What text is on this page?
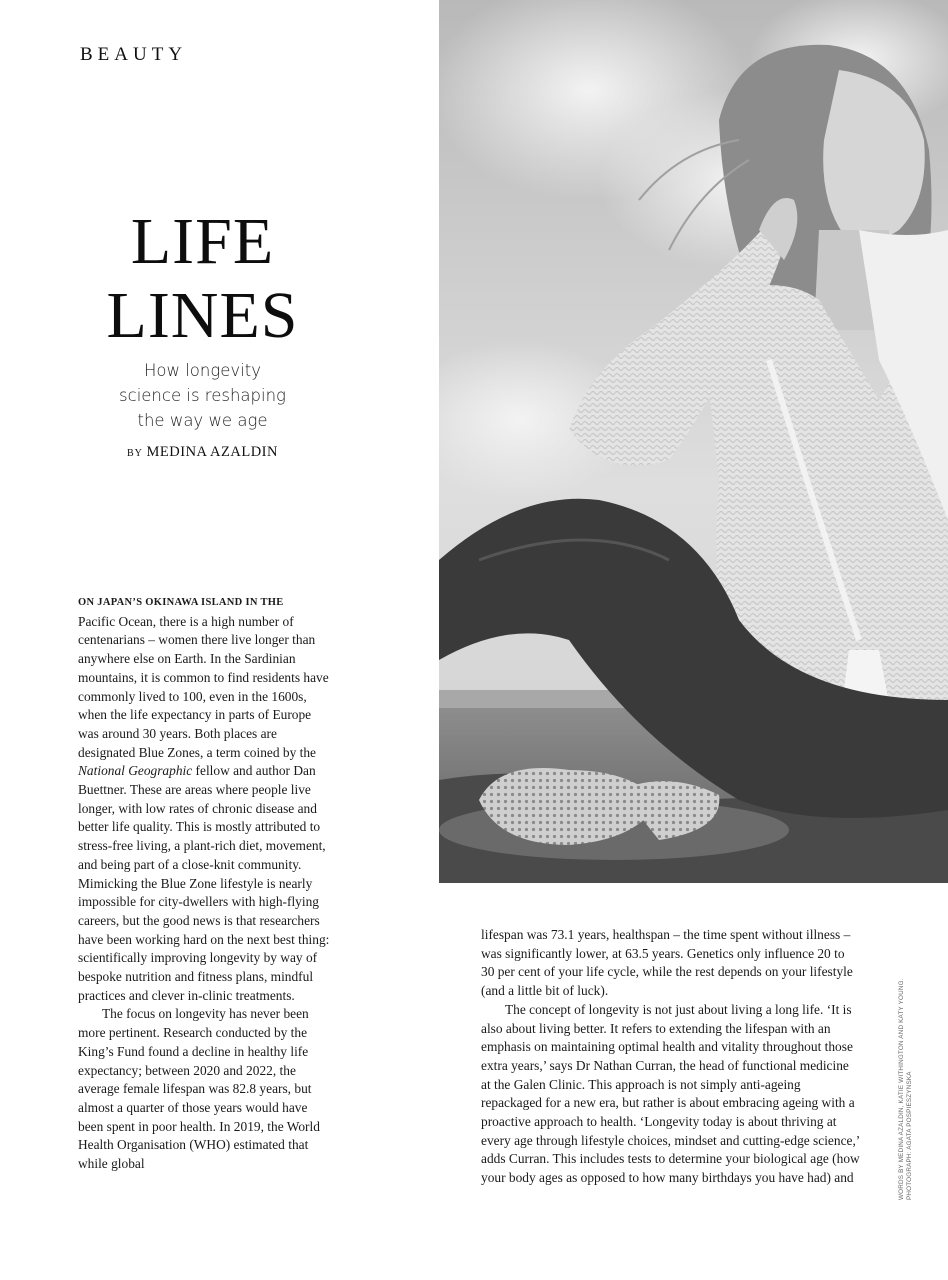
BEAUTY
LIFE
LINES
How longevity
science is reshaping
the way we age
BY MEDINA AZALDIN

ON JAPAN’S OKINAWA ISLAND IN THE
Pacific Ocean, there is a high number of centenarians – women there live longer than anywhere else on Earth. In the Sardinian mountains, it is common to find residents have commonly lived to 100, even in the 1600s, when the life expectancy in parts of Europe was around 30 years. Both places are designated Blue Zones, a term coined by the National Geographic fellow and author Dan Buettner. These are areas where people live longer, with low rates of chronic disease and better life quality. This is mostly attributed to stress-free living, a plant-rich diet, movement, and being part of a close-knit community. Mimicking the Blue Zone lifestyle is nearly impossible for city-dwellers with high-flying careers, but the good news is that researchers have been working hard on the next best thing: scientifically improving longevity by way of bespoke nutrition and fitness plans, mindful practices and clever in-clinic treatments.

The focus on longevity has never been more pertinent. Research conducted by the King’s Fund found a decline in healthy life expectancy; between 2020 and 2022, the average female lifespan was 82.8 years, but almost a quarter of those years would have been spent in poor health. In 2019, the World Health Organisation (WHO) estimated that while global

lifespan was 73.1 years, healthspan – the time spent without illness – was significantly lower, at 63.5 years. Genetics only influence 20 to 30 per cent of your life cycle, while the rest depends on your lifestyle (and a little bit of luck).

The concept of longevity is not just about living a long life. ‘It is also about living better. It refers to extending the lifespan with an emphasis on maintaining optimal health and vitality throughout those extra years,’ says Dr Nathan Curran, the head of functional medicine at the Galen Clinic. This approach is not simply anti-ageing repackaged for a new era, but rather is about embracing ageing with a proactive approach to health. ‘Longevity today is about thriving at every age through lifestyle choices, mindset and cutting-edge science,’ adds Curran. This includes tests to determine your biological age (how your body ages as opposed to how many birthdays you have had) and	WORDS BY MEDINA AZALDIN, KATIE WITHINGTON AND KATY YOUNG. PHOTOGRAPH: AGATA POSPIESZYNSKA
